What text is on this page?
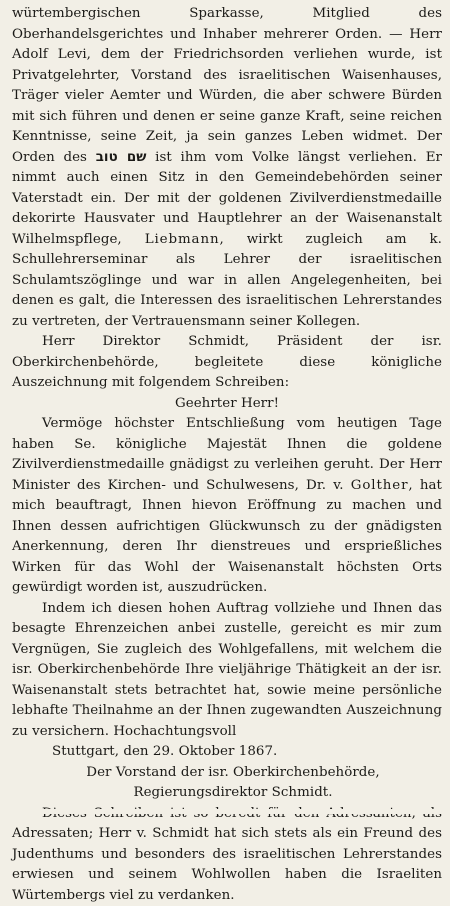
würtembergischen Sparkasse, Mitglied des Oberhandelsgerichtes und Inhaber mehrerer Orden. — Herr Adolf Levi, dem der Friedrichsorden verliehen wurde, ist Privatgelehrter, Vorstand des israelitischen Waisenhauses, Träger vieler Aemter und Würden, die aber schwere Bürden mit sich führen und denen er seine ganze Kraft, seine reichen Kenntnisse, seine Zeit, ja sein ganzes Leben widmet. Der Orden des שם טוב ist ihm vom Volke längst verliehen. Er nimmt auch einen Sitz in den Gemeindebehörden seiner Vaterstadt ein. Der mit der goldenen Zivilverdienstmedaille dekorirte Hausvater und Hauptlehrer an der Waisenanstalt Wilhelmspflege, Liebmann, wirkt zugleich am k. Schullehrerseminar als Lehrer der israelitischen Schulamtszöglinge und war in allen Angelegenheiten, bei denen es galt, die Interessen des israelitischen Lehrerstandes zu vertreten, der Vertrauensmann seiner Kollegen.

Herr Direktor Schmidt, Präsident der isr. Oberkirchenbehörde, begleitete diese königliche Auszeichnung mit folgendem Schreiben:

Geehrter Herr!

Vermöge höchster Entschließung vom heutigen Tage haben Se. königliche Majestät Ihnen die goldene Zivilverdienstmedaille gnädigst zu verleihen geruht. Der Herr Minister des Kirchen- und Schulwesens, Dr. v. Golther, hat mich beauftragt, Ihnen hievon Eröffnung zu machen und Ihnen dessen aufrichtigen Glückwunsch zu der gnädigsten Anerkennung, deren Ihr dienstreues und ersprießliches Wirken für das Wohl der Waisenanstalt höchsten Orts gewürdigt worden ist, auszudrücken.

Indem ich diesen hohen Auftrag vollziehe und Ihnen das besagte Ehrenzeichen anbei zustelle, gereicht es mir zum Vergnügen, Sie zugleich des Wohlgefallens, mit welchem die isr. Oberkirchenbehörde Ihre vieljährige Thätigkeit an der isr. Waisenanstalt stets betrachtet hat, sowie meine persönliche lebhafte Theilnahme an der Ihnen zugewandten Auszeichnung zu versichern. Hochachtungsvoll

Stuttgart, den 29. Oktober 1867.

Der Vorstand der isr. Oberkirchenbehörde,

Regierungsdirektor Schmidt.

Adressaten; Herr v. Schmidt hat sich stets als ein Freund des Judenthums und besonders des israelitischen Lehrerstandes erwiesen und seinem Wohlwollen haben die Israeliten Würtembergs viel zu verdanken.
